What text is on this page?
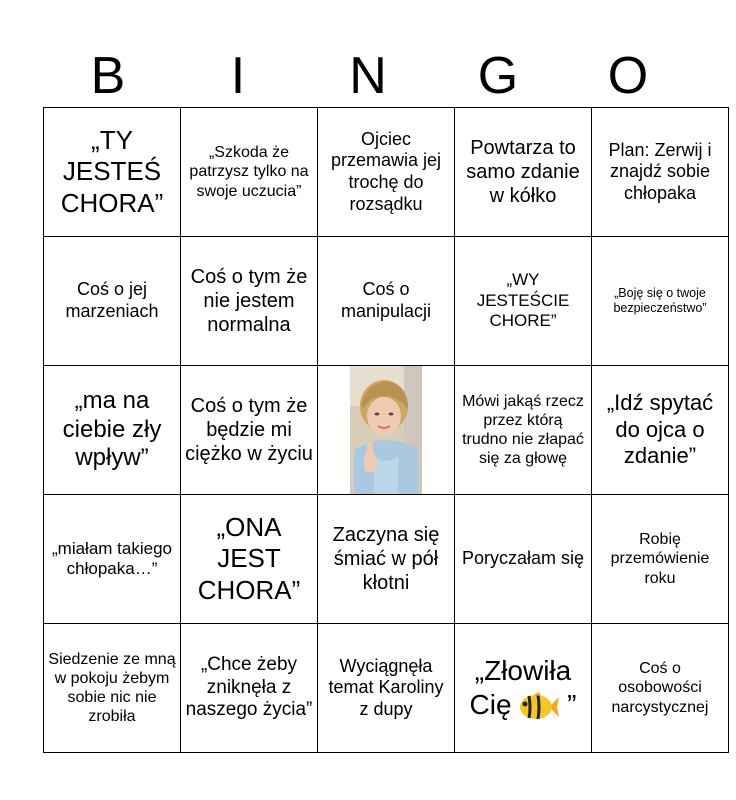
B	I	N	G	O
„TY JESTEŚ CHORA”	„Szkoda że patrzysz tylko na swoje uczucia”	Ojciec przemawia jej trochę do rozsądku	Powtarza to samo zdanie w kółko	Plan: Zerwij i znajdź sobie chłopaka
Coś o jej marzeniach	Coś o tym że nie jestem normalna	Coś o manipulacji	„WY JESTEŚCIE CHORE”	„Boję się o twoje bezpieczeństwo”
„ma na ciebie zły wpływ”	Coś o tym że będzie mi ciężko w życiu		Mówi jakąś rzecz przez którą trudno nie złapać się za głowę	„Idź spytać do ojca o zdanie”
„miałam takiego chłopaka…”	„ONA JEST CHORA”	Zaczyna się śmiać w pół kłotni	Poryczałam się	Robię przemówienie roku
Siedzenie ze mną w pokoju żebym sobie nic nie zrobiła	„Chce żeby zniknęła z naszego życia”	Wyciągnęła temat Karoliny z dupy	„Złowiła Cię ”	Coś o osobowości narcystycznej
